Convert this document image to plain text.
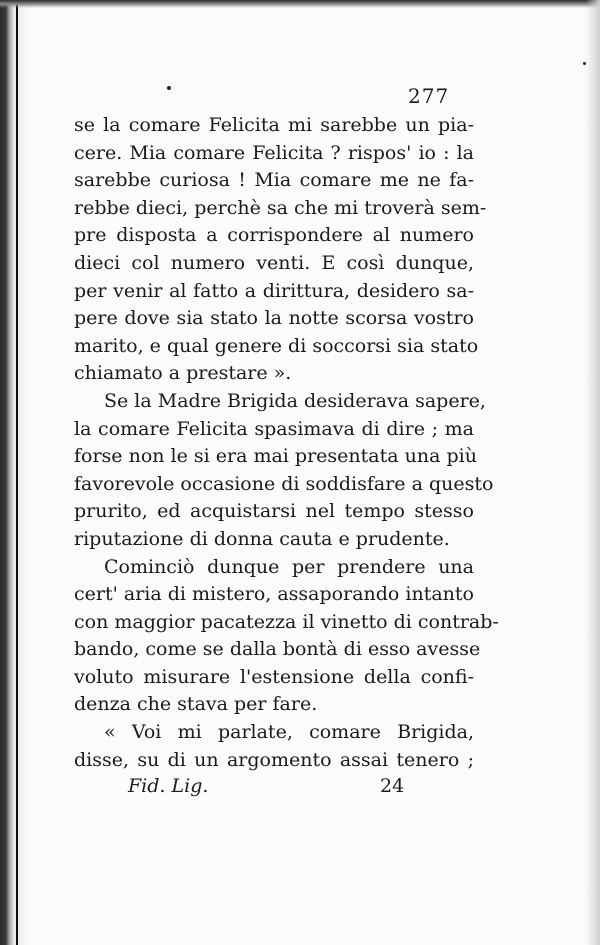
277
se la comare Felicita mi sarebbe un pia-
cere. Mia comare Felicita ? rispos' io : la
sarebbe curiosa ! Mia comare me ne fa-
rebbe dieci, perchè sa che mi troverà sem-
pre disposta a corrispondere al numero
dieci col numero venti. E così dunque,
per venir al fatto a dirittura, desidero sa-
pere dove sia stato la notte scorsa vostro
marito, e qual genere di soccorsi sia stato
chiamato a prestare ».
Se la Madre Brigida desiderava sapere,
la comare Felicita spasimava di dire ; ma
forse non le si era mai presentata una più
favorevole occasione di soddisfare a questo
prurito, ed acquistarsi nel tempo stesso
riputazione di donna cauta e prudente.
Cominciò dunque per prendere una
cert' aria di mistero, assaporando intanto
con maggior pacatezza il vinetto di contrab-
bando, come se dalla bontà di esso avesse
voluto misurare l'estensione della confi-
denza che stava per fare.
« Voi mi parlate, comare Brigida,
disse, su di un argomento assai tenero ;
Fid. Lig.	24
